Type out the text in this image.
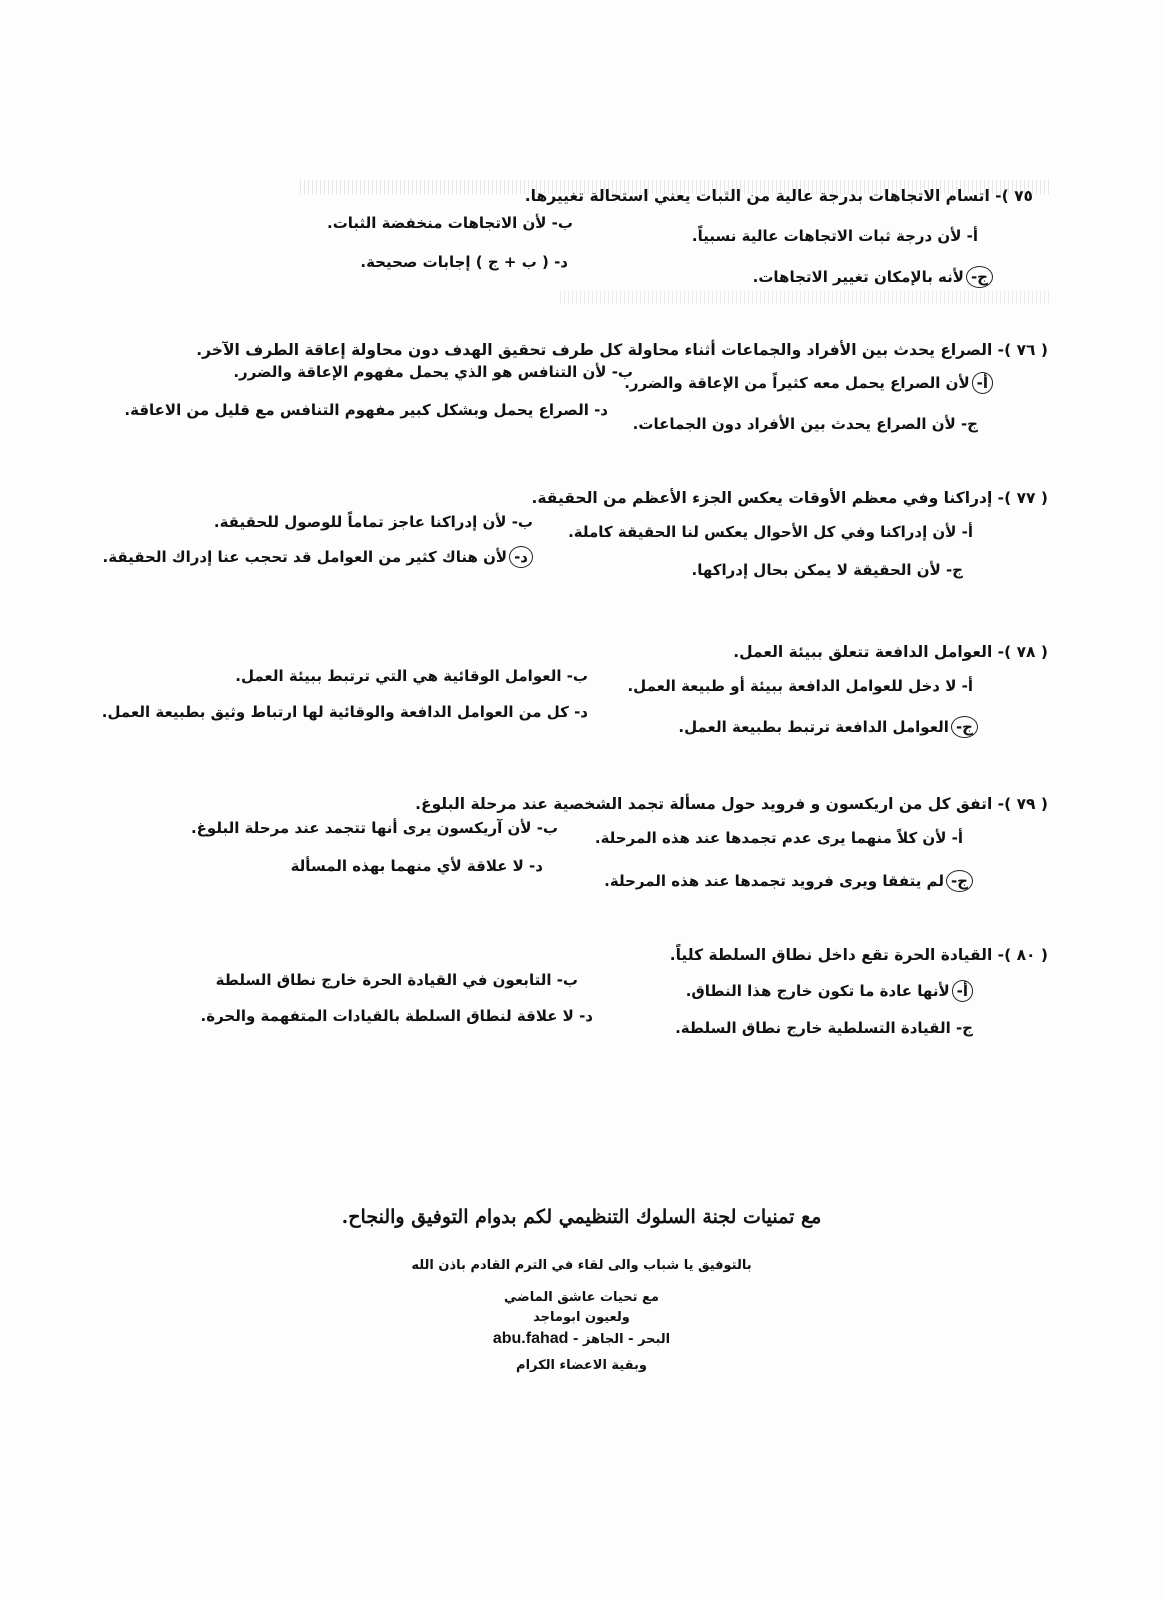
٧٥ )- اتسام الاتجاهات بدرجة عالية من الثبات يعني استحالة تغييرها.
أ- لأن درجة ثبات الاتجاهات عالية نسبياً.
ب- لأن الاتجاهات منخفضة الثبات.
ج-لأنه بالإمكان تغيير الاتجاهات.
د- ( ب + ج ) إجابات صحيحة.
( ٧٦ )- الصراع يحدث بين الأفراد والجماعات أثناء محاولة كل طرف تحقيق الهدف دون محاولة إعاقة الطرف الآخر.
أ-لأن الصراع يحمل معه كثيراً من الإعاقة والضرر.
ب- لأن التنافس هو الذي يحمل مفهوم الإعاقة والضرر.
ج- لأن الصراع يحدث بين الأفراد دون الجماعات.
د- الصراع يحمل وبشكل كبير مفهوم التنافس مع قليل من الاعاقة.
( ٧٧ )- إدراكنا وفي معظم الأوقات يعكس الجزء الأعظم من الحقيقة.
أ- لأن إدراكنا وفي كل الأحوال يعكس لنا الحقيقة كاملة.
ب- لأن إدراكنا عاجز تماماً للوصول للحقيقة.
ج- لأن الحقيقة لا يمكن بحال إدراكها.
د-لأن هناك كثير من العوامل قد تحجب عنا إدراك الحقيقة.
( ٧٨ )- العوامل الدافعة تتعلق ببيئة العمل.
أ- لا دخل للعوامل الدافعة ببيئة أو طبيعة العمل.
ب- العوامل الوقائية هي التي ترتبط ببيئة العمل.
ج-العوامل الدافعة ترتبط بطبيعة العمل.
د- كل من العوامل الدافعة والوقائية لها ارتباط وثيق بطبيعة العمل.
( ٧٩ )- اتفق كل من اريكسون و فرويد حول مسألة تجمد الشخصية عند مرحلة البلوغ.
أ- لأن كلاً منهما يرى عدم تجمدها عند هذه المرحلة.
ب- لأن آريكسون يرى أنها تتجمد عند مرحلة البلوغ.
ج-لم يتفقا ويرى فرويد تجمدها عند هذه المرحلة.
د- لا علاقة لأي منهما بهذه المسألة
( ٨٠ )- القيادة الحرة تقع داخل نطاق السلطة كلياً.
أ-لأنها عادة ما تكون خارج هذا النطاق.
ب- التابعون في القيادة الحرة خارج نطاق السلطة
ج- القيادة التسلطية خارج نطاق السلطة.
د- لا علاقة لنطاق السلطة بالقيادات المتفهمة والحرة.
مع تمنيات لجنة السلوك التنظيمي لكم بدوام التوفيق والنجاح.
بالتوفيق يا شباب والى لقاء في الترم القادم باذن الله
مع تحيات عاشق الماضي
ولعيون ابوماجد
البحر - الجاهز - abu.fahad
وبقية الاعضاء الكرام
